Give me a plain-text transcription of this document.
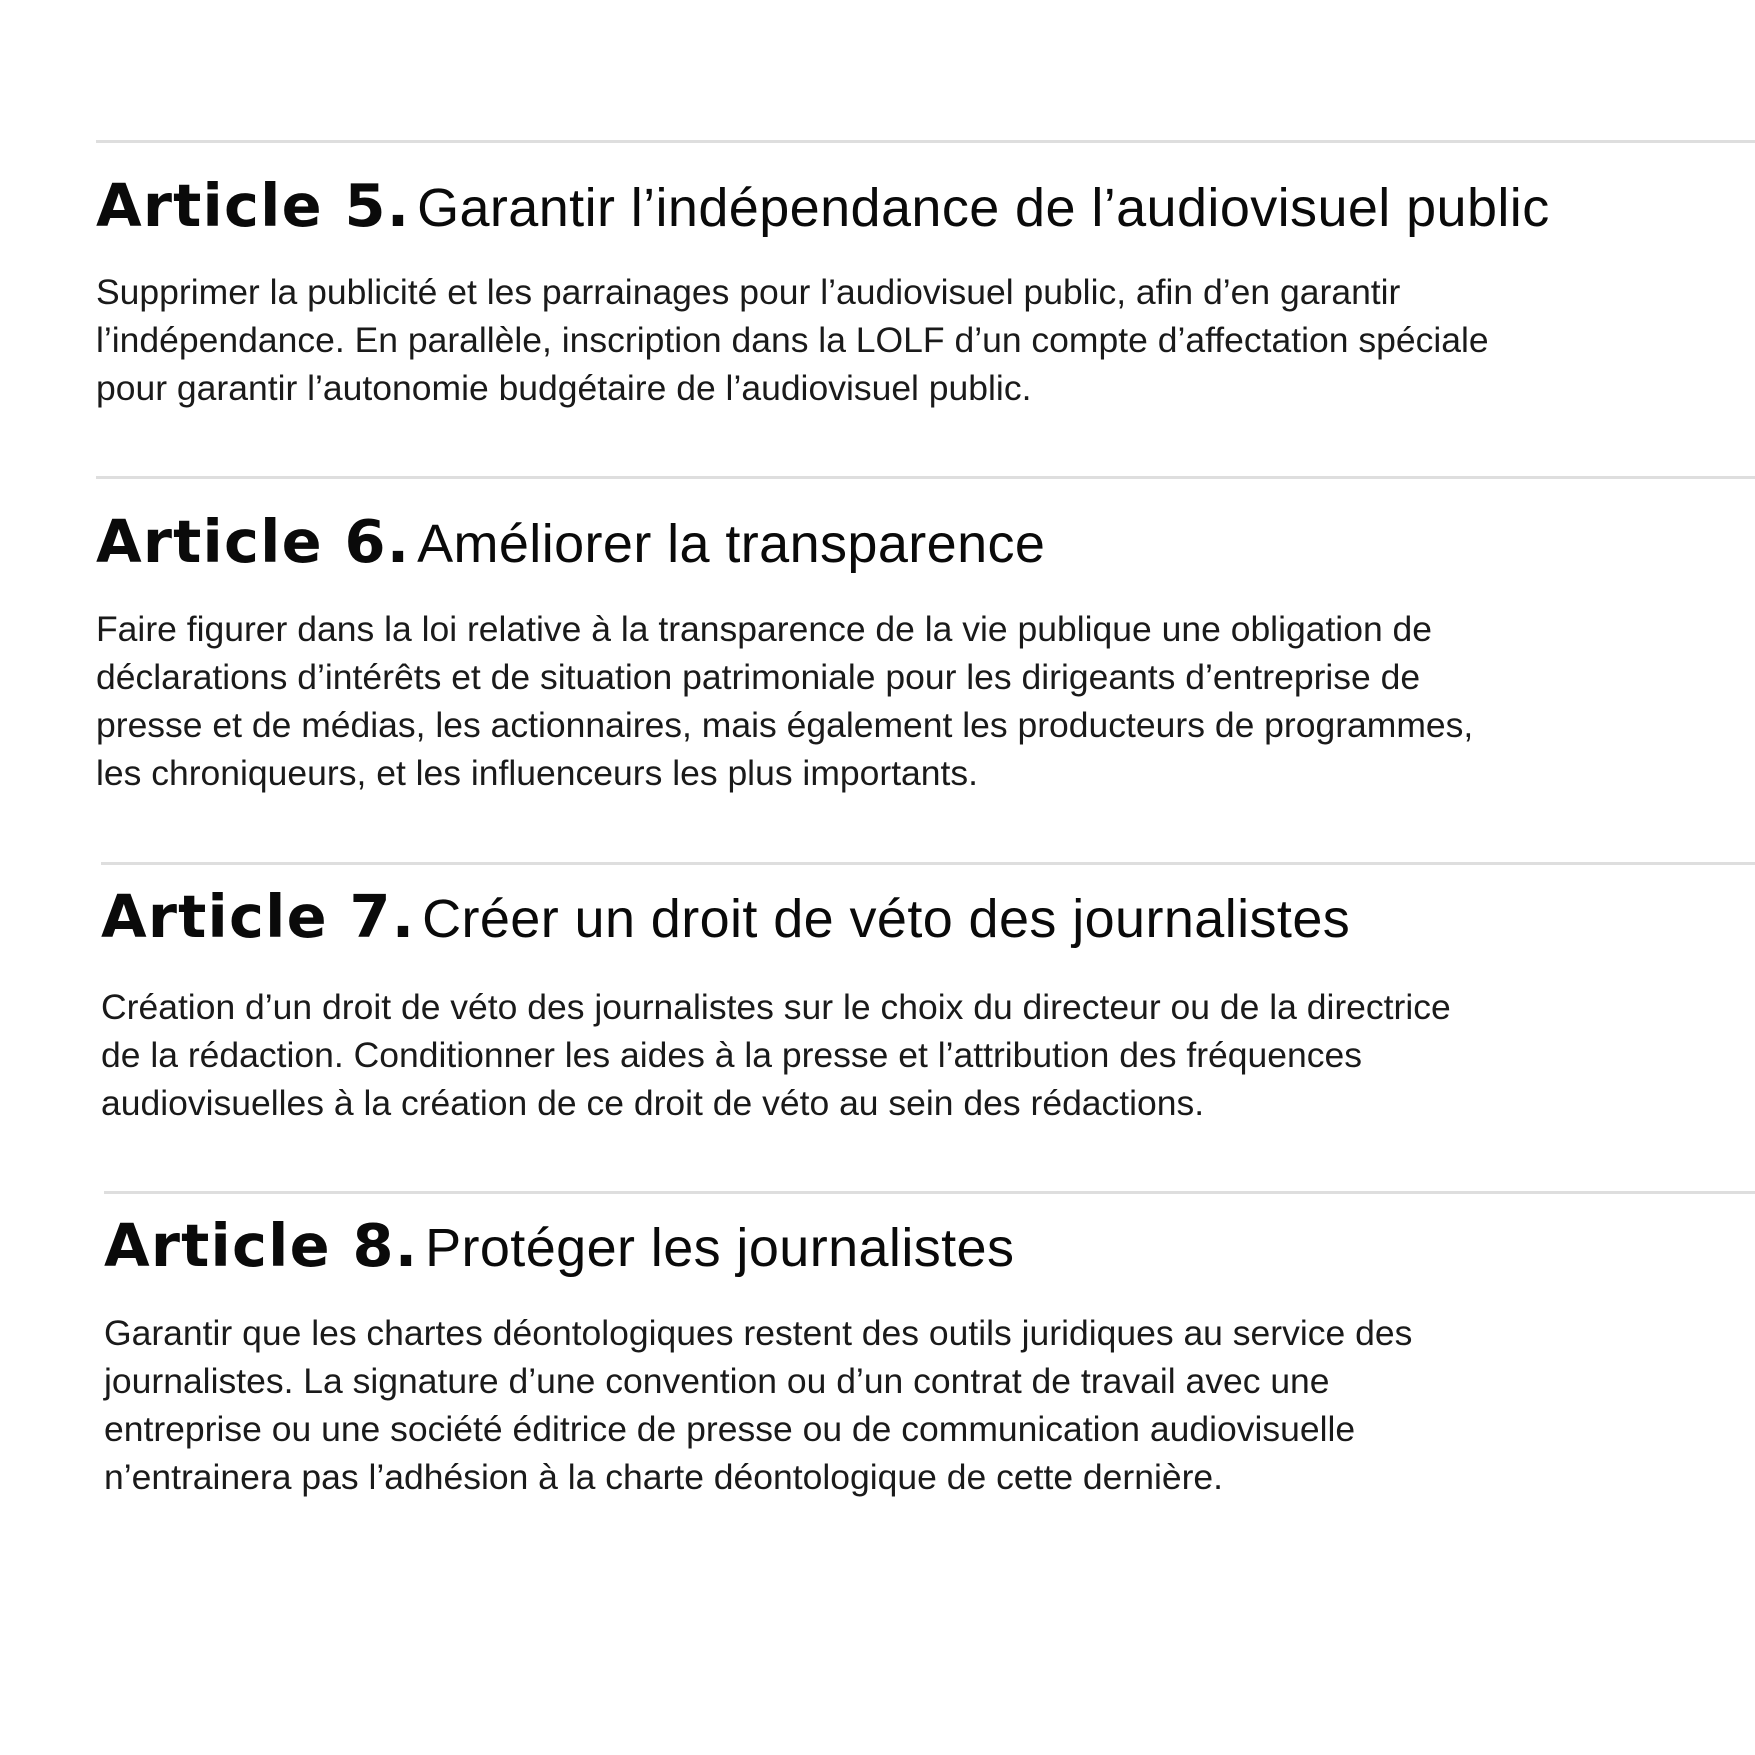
Article 5. Garantir l’indépendance de l’audiovisuel public

Supprimer la publicité et les parrainages pour l’audiovisuel public, afin d’en garantir
l’indépendance. En parallèle, inscription dans la LOLF d’un compte d’affectation spéciale
pour garantir l’autonomie budgétaire de l’audiovisuel public.

Article 6. Améliorer la transparence

Faire figurer dans la loi relative à la transparence de la vie publique une obligation de
déclarations d’intérêts et de situation patrimoniale pour les dirigeants d’entreprise de
presse et de médias, les actionnaires, mais également les producteurs de programmes,
les chroniqueurs, et les influenceurs les plus importants.

Article 7. Créer un droit de véto des journalistes

Création d’un droit de véto des journalistes sur le choix du directeur ou de la directrice
de la rédaction. Conditionner les aides à la presse et l’attribution des fréquences
audiovisuelles à la création de ce droit de véto au sein des rédactions.

Article 8. Protéger les journalistes

Garantir que les chartes déontologiques restent des outils juridiques au service des
journalistes. La signature d’une convention ou d’un contrat de travail avec une
entreprise ou une société éditrice de presse ou de communication audiovisuelle
n’entrainera pas l’adhésion à la charte déontologique de cette dernière.
